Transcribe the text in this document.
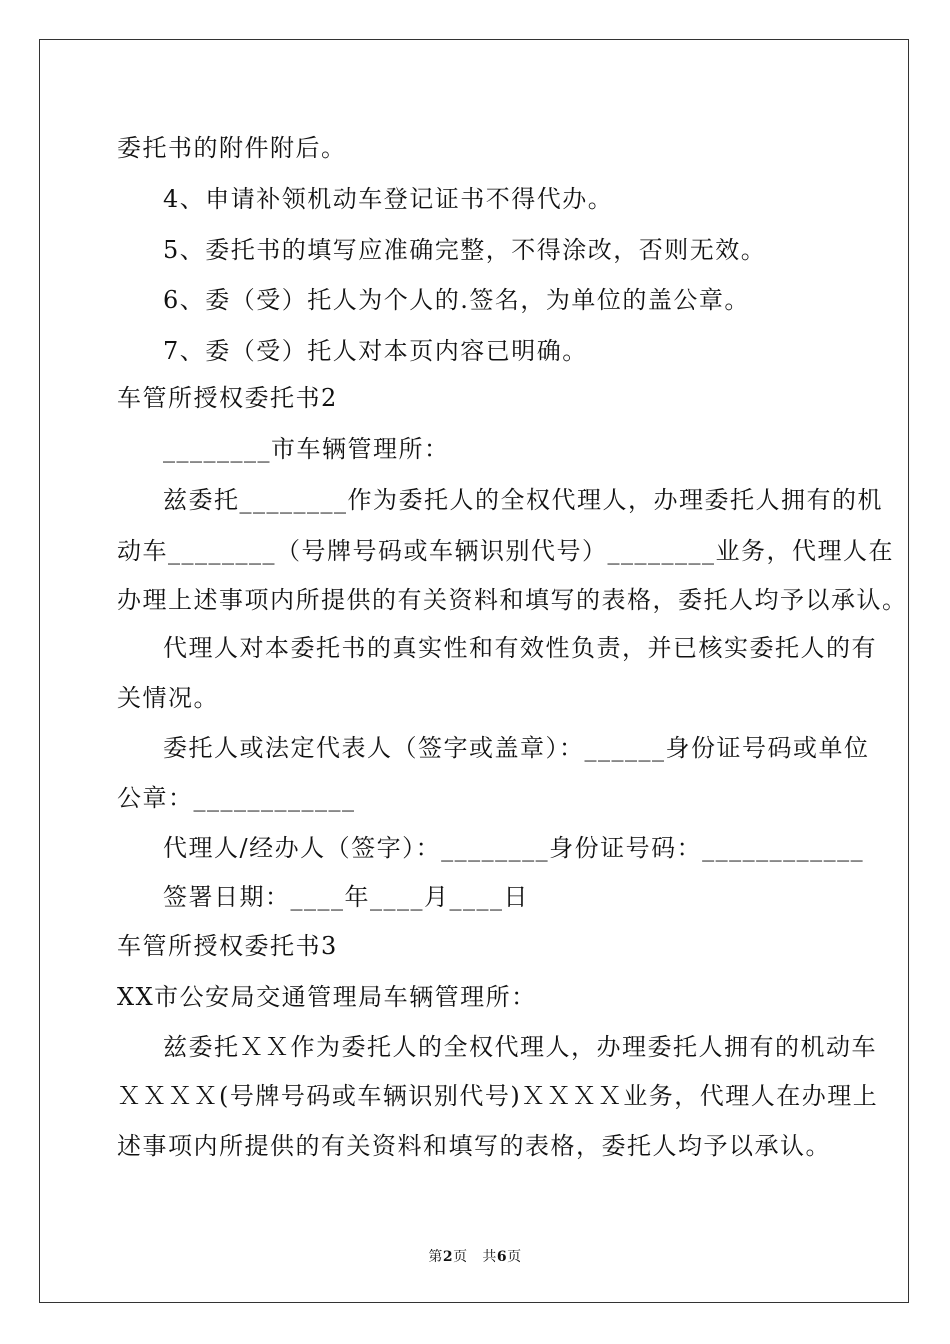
委托书的附件附后。
4、申请补领机动车登记证书不得代办。
5、委托书的填写应准确完整，不得涂改，否则无效。
6、委（受）托人为个人的.签名，为单位的盖公章。
7、委（受）托人对本页内容已明确。
车管所授权委托书2
________市车辆管理所：
兹委托________作为委托人的全权代理人，办理委托人拥有的机
动车________（号牌号码或车辆识别代号）________业务，代理人在
办理上述事项内所提供的有关资料和填写的表格，委托人均予以承认。
代理人对本委托书的真实性和有效性负责，并已核实委托人的有
关情况。
委托人或法定代表人（签字或盖章）：______身份证号码或单位
公章：____________
代理人/经办人（签字）：________身份证号码：____________
签署日期：____年____月____日
车管所授权委托书3
XX市公安局交通管理局车辆管理所：
兹委托ＸＸ作为委托人的全权代理人，办理委托人拥有的机动车
ＸＸＸＸ(号牌号码或车辆识别代号)ＸＸＸＸ业务，代理人在办理上
述事项内所提供的有关资料和填写的表格，委托人均予以承认。
第2页 共6页
